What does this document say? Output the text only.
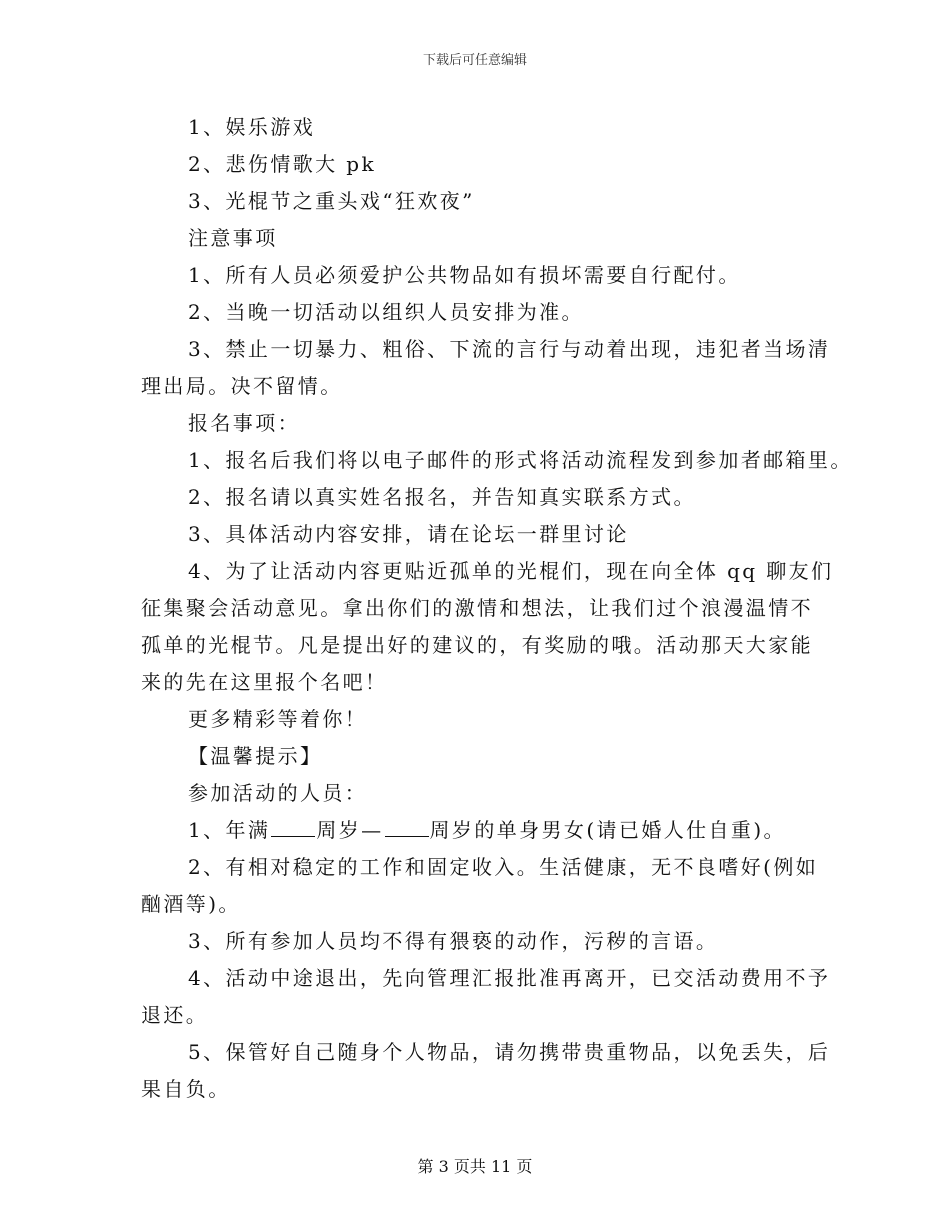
下载后可任意编辑
1、娱乐游戏
2、悲伤情歌大 pk
3、光棍节之重头戏“狂欢夜”
注意事项
1、所有人员必须爱护公共物品如有损坏需要自行配付。
2、当晚一切活动以组织人员安排为准。
3、禁止一切暴力、粗俗、下流的言行与动着出现，违犯者当场清
理出局。决不留情。
报名事项：
1、报名后我们将以电子邮件的形式将活动流程发到参加者邮箱里。
2、报名请以真实姓名报名，并告知真实联系方式。
3、具体活动内容安排，请在论坛一群里讨论
4、为了让活动内容更贴近孤单的光棍们，现在向全体 qq 聊友们
征集聚会活动意见。拿出你们的激情和想法，让我们过个浪漫温情不
孤单的光棍节。凡是提出好的建议的，有奖励的哦。活动那天大家能
来的先在这里报个名吧！
更多精彩等着你！
【温馨提示】
参加活动的人员：
1、年满 周岁— 周岁的单身男女(请已婚人仕自重)。
2、有相对稳定的工作和固定收入。生活健康，无不良嗜好(例如
酗酒等)。
3、所有参加人员均不得有猥亵的动作，污秽的言语。
4、活动中途退出，先向管理汇报批准再离开，已交活动费用不予
退还。
5、保管好自己随身个人物品，请勿携带贵重物品，以免丢失，后
果自负。
第 3 页共 11 页
